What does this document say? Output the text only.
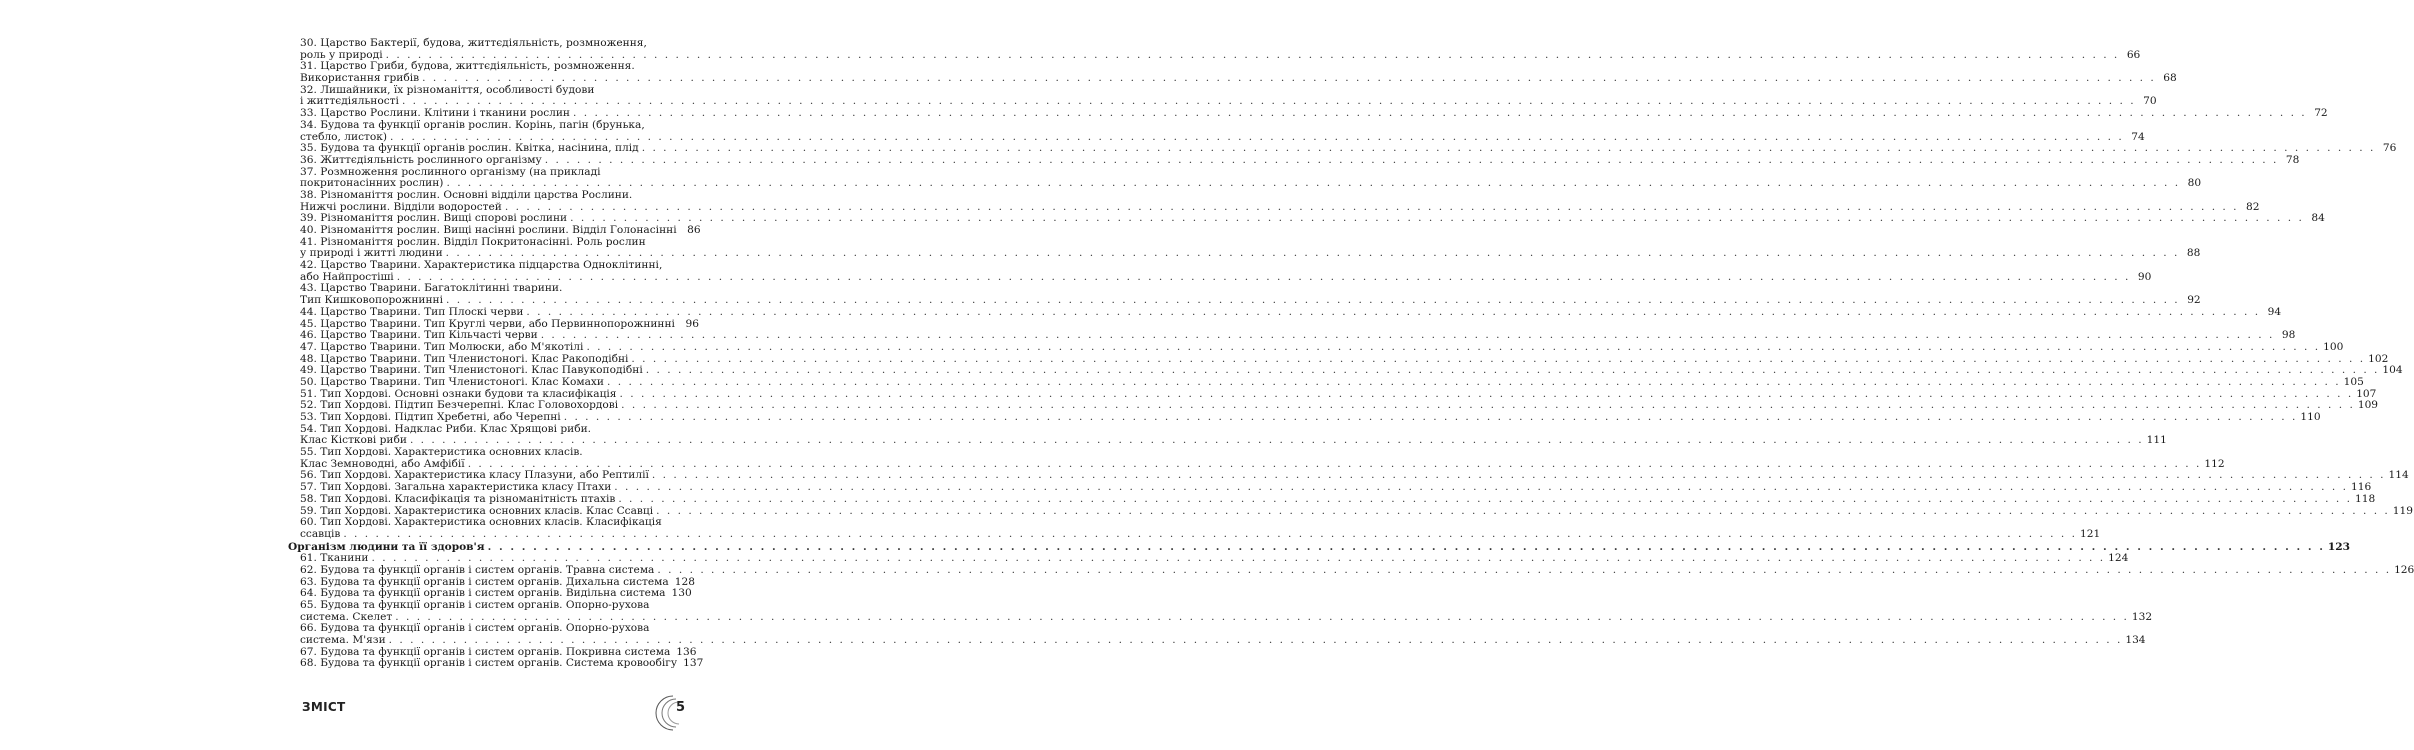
30. Царство Бактерії, будова, життєдіяльність, розмноження,
роль у природі . . .	66
31. Царство Гриби, будова, життєдіяльність, розмноження.
Використання грибів . . .	68
32. Лишайники, їх різноманіття, особливості будови
і життєдіяльності . . .	70
33. Царство Рослини. Клітини і тканини рослин . . .	72
34. Будова та функції органів рослин. Корінь, пагін (брунька,
стебло, листок) . . .	74
35. Будова та функції органів рослин. Квітка, насінина, плід . . .	76
36. Життєдіяльність рослинного організму . . .	78
37. Розмноження рослинного організму (на прикладі
покритонасінних рослин) . . .	80
38. Різноманіття рослин. Основні відділи царства Рослини.
Нижчі рослини. Відділи водоростей . . .	82
39. Різноманіття рослин. Вищі спорові рослини . . .	84
40. Різноманіття рослин. Вищі насінні рослини. Відділ Голонасінні 86
41. Різноманіття рослин. Відділ Покритонасінні. Роль рослин
у природі і житті людини . . .	88
42. Царство Тварини. Характеристика підцарства Одноклітинні,
або Найпростіші . . .	90
43. Царство Тварини. Багатоклітинні тварини.
Тип Кишковопорожнинні . . .	92
44. Царство Тварини. Тип Плоскі черви . . .	94
45. Царство Тварини. Тип Круглі черви, або Первиннопорожнинні 96
46. Царство Тварини. Тип Кільчасті черви . . .	98
47. Царство Тварини. Тип Молюски, або М'якотілі . . .	100
48. Царство Тварини. Тип Членистоногі. Клас Ракоподібні . . .	102
49. Царство Тварини. Тип Членистоногі. Клас Павукоподібні . . .	104
50. Царство Тварини. Тип Членистоногі. Клас Комахи . . .	105
51. Тип Хордові. Основні ознаки будови та класифікація . . .	107
52. Тип Хордові. Підтип Безчерепні. Клас Головохордові . . .	109
53. Тип Хордові. Підтип Хребетні, або Черепні . . .	110
54. Тип Хордові. Надклас Риби. Клас Хрящові риби.
Клас Кісткові риби . . .	111
55. Тип Хордові. Характеристика основних класів.
Клас Земноводні, або Амфібії . . .	112
56. Тип Хордові. Характеристика класу Плазуни, або Рептилії . . .	114
57. Тип Хордові. Загальна характеристика класу Птахи . . .	116
58. Тип Хордові. Класифікація та різноманітність птахів . . .	118
59. Тип Хордові. Характеристика основних класів. Клас Ссавці . . .	119
60. Тип Хордові. Характеристика основних класів. Класифікація
ссавців . . .	121
Організм людини та її здоров'я . . .	123
61. Тканини . . .	124
62. Будова та функції органів і систем органів. Травна система . . .	126
63. Будова та функції органів і систем органів. Дихальна система 128
64. Будова та функції органів і систем органів. Видільна система 130
65. Будова та функції органів і систем органів. Опорно-рухова
система. Скелет . . .	132
66. Будова та функції органів і систем органів. Опорно-рухова
система. М'язи . . .	134
67. Будова та функції органів і систем органів. Покривна система 136
68. Будова та функції органів і систем органів. Система кровообігу 137
ЗМІСТ	5
